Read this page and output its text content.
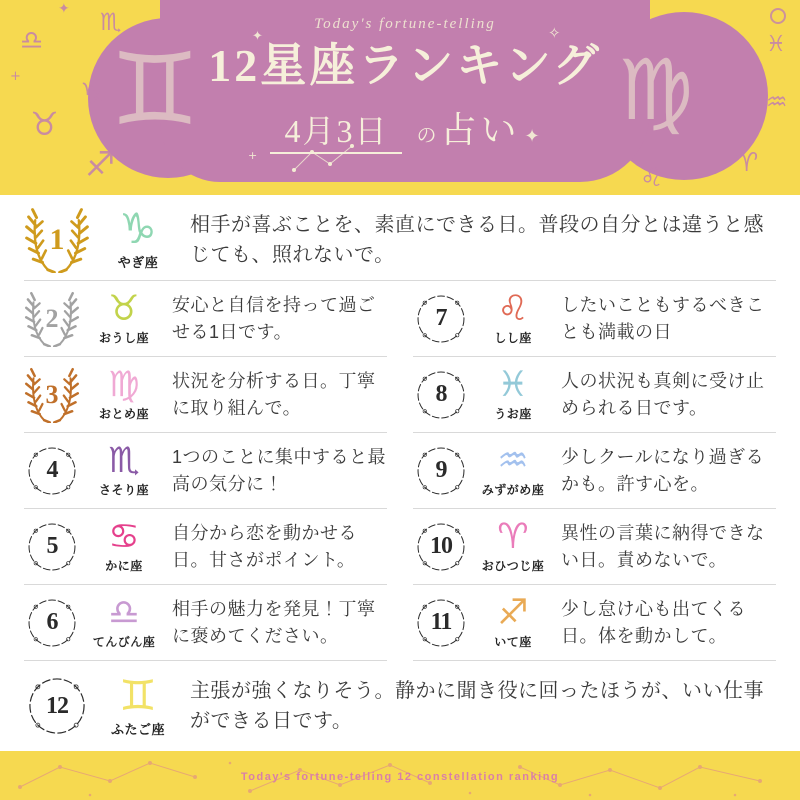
♎
♏
♑
♉
♐
+
✦
♓
♒
♈
♌
♊	♍
✦	✧
+
Today's fortune-telling
12星座ランキング
4月3日 の 占い ✦
1 ♑
やぎ座

相手が喜ぶことを、素直にできる日。普段の自分とは違うと感じても、照れないで。

2 ♉
おうし座

安心と自信を持って過ごせる1日です。

7 ♌
しし座

したいこともするべきことも満載の日

3 ♍
おとめ座

状況を分析する日。丁寧に取り組んで。

8 ♓
うお座

人の状況も真剣に受け止められる日です。

4 ♏
さそり座

1つのことに集中すると最高の気分に！

9 ♒
みずがめ座

少しクールになり過ぎるかも。許す心を。

5 ♋
かに座

自分から恋を動かせる日。甘さがポイント。

10 ♈
おひつじ座

異性の言葉に納得できない日。責めないで。

6 ♎
てんびん座

相手の魅力を発見！丁寧に褒めてください。

11 ♐
いて座

少し怠け心も出てくる日。体を動かして。

12 ♊
ふたご座

主張が強くなりそう。静かに聞き役に回ったほうが、いい仕事ができる日です。

Today's fortune-telling 12 constellation ranking
